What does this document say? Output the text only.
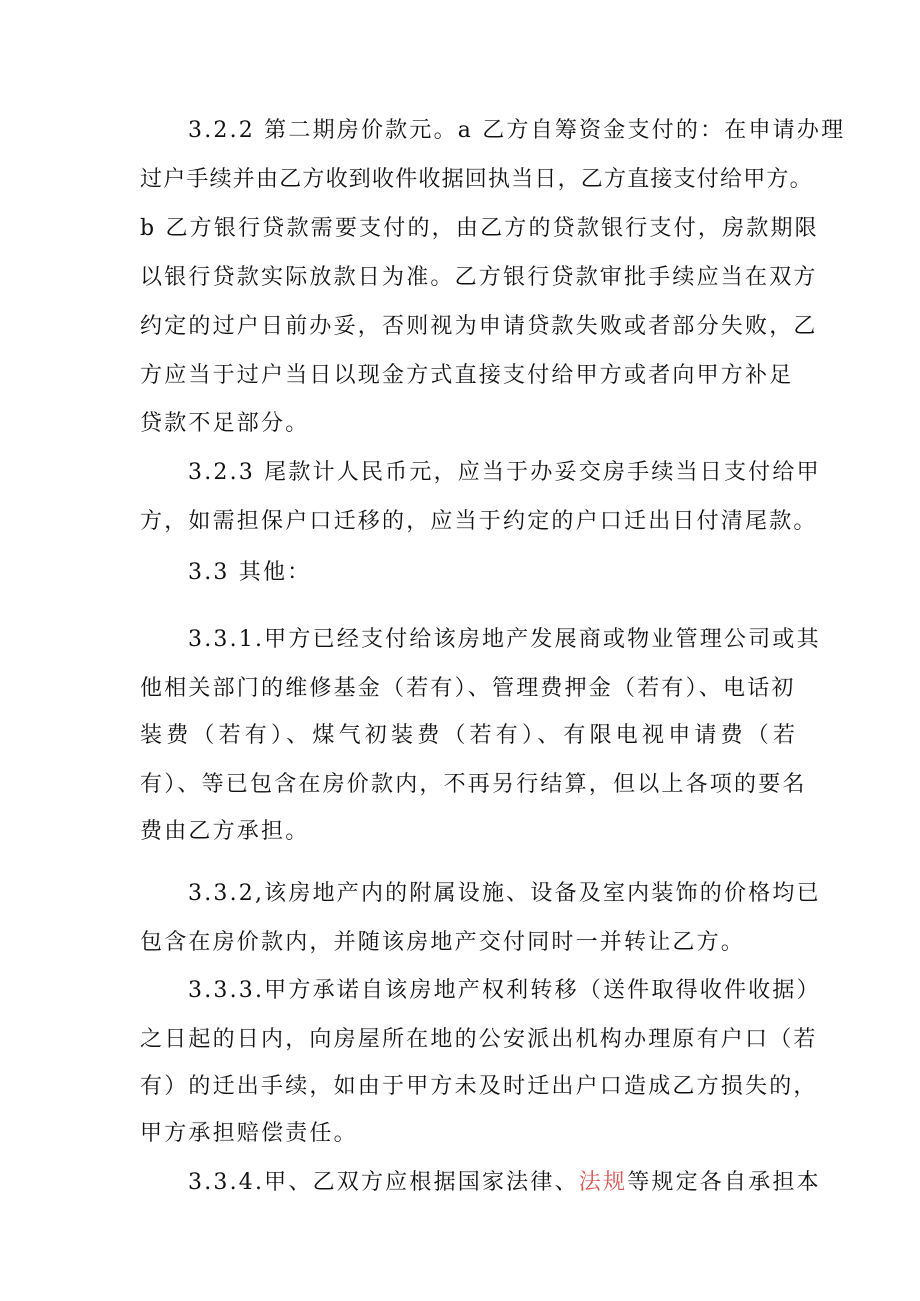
3.2.2 第二期房价款元。a 乙方自筹资金支付的：在申请办理
过户手续并由乙方收到收件收据回执当日，乙方直接支付给甲方。
b 乙方银行贷款需要支付的，由乙方的贷款银行支付，房款期限
以银行贷款实际放款日为准。乙方银行贷款审批手续应当在双方
约定的过户日前办妥，否则视为申请贷款失败或者部分失败，乙
方应当于过户当日以现金方式直接支付给甲方或者向甲方补足
贷款不足部分。
3.2.3 尾款计人民币元，应当于办妥交房手续当日支付给甲
方，如需担保户口迁移的，应当于约定的户口迁出日付清尾款。
3.3 其他：
3.3.1.甲方已经支付给该房地产发展商或物业管理公司或其
他相关部门的维修基金（若有）、管理费押金（若有）、电话初
装费（若有）、煤气初装费（若有）、有限电视申请费（若
有）、等已包含在房价款内，不再另行结算，但以上各项的要名
费由乙方承担。
3.3.2,该房地产内的附属设施、设备及室内装饰的价格均已
包含在房价款内，并随该房地产交付同时一并转让乙方。
3.3.3.甲方承诺自该房地产权利转移（送件取得收件收据）
之日起的日内，向房屋所在地的公安派出机构办理原有户口（若
有）的迁出手续，如由于甲方未及时迁出户口造成乙方损失的，
甲方承担赔偿责任。
3.3.4.甲、乙双方应根据国家法律、法规等规定各自承担本
